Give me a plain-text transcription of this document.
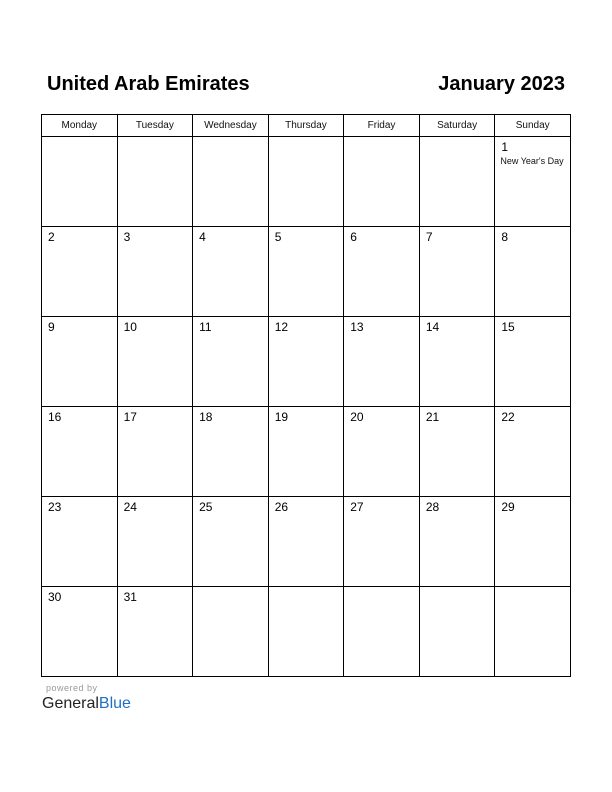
United Arab Emirates	January 2023
Monday	Tuesday	Wednesday	Thursday	Friday	Saturday	Sunday

						1
New Year's Day

2	3	4	5	6	7	8

9	10	11	12	13	14	15

16	17	18	19	20	21	22

23	24	25	26	27	28	29

30	31					

powered by
GeneralBlue
